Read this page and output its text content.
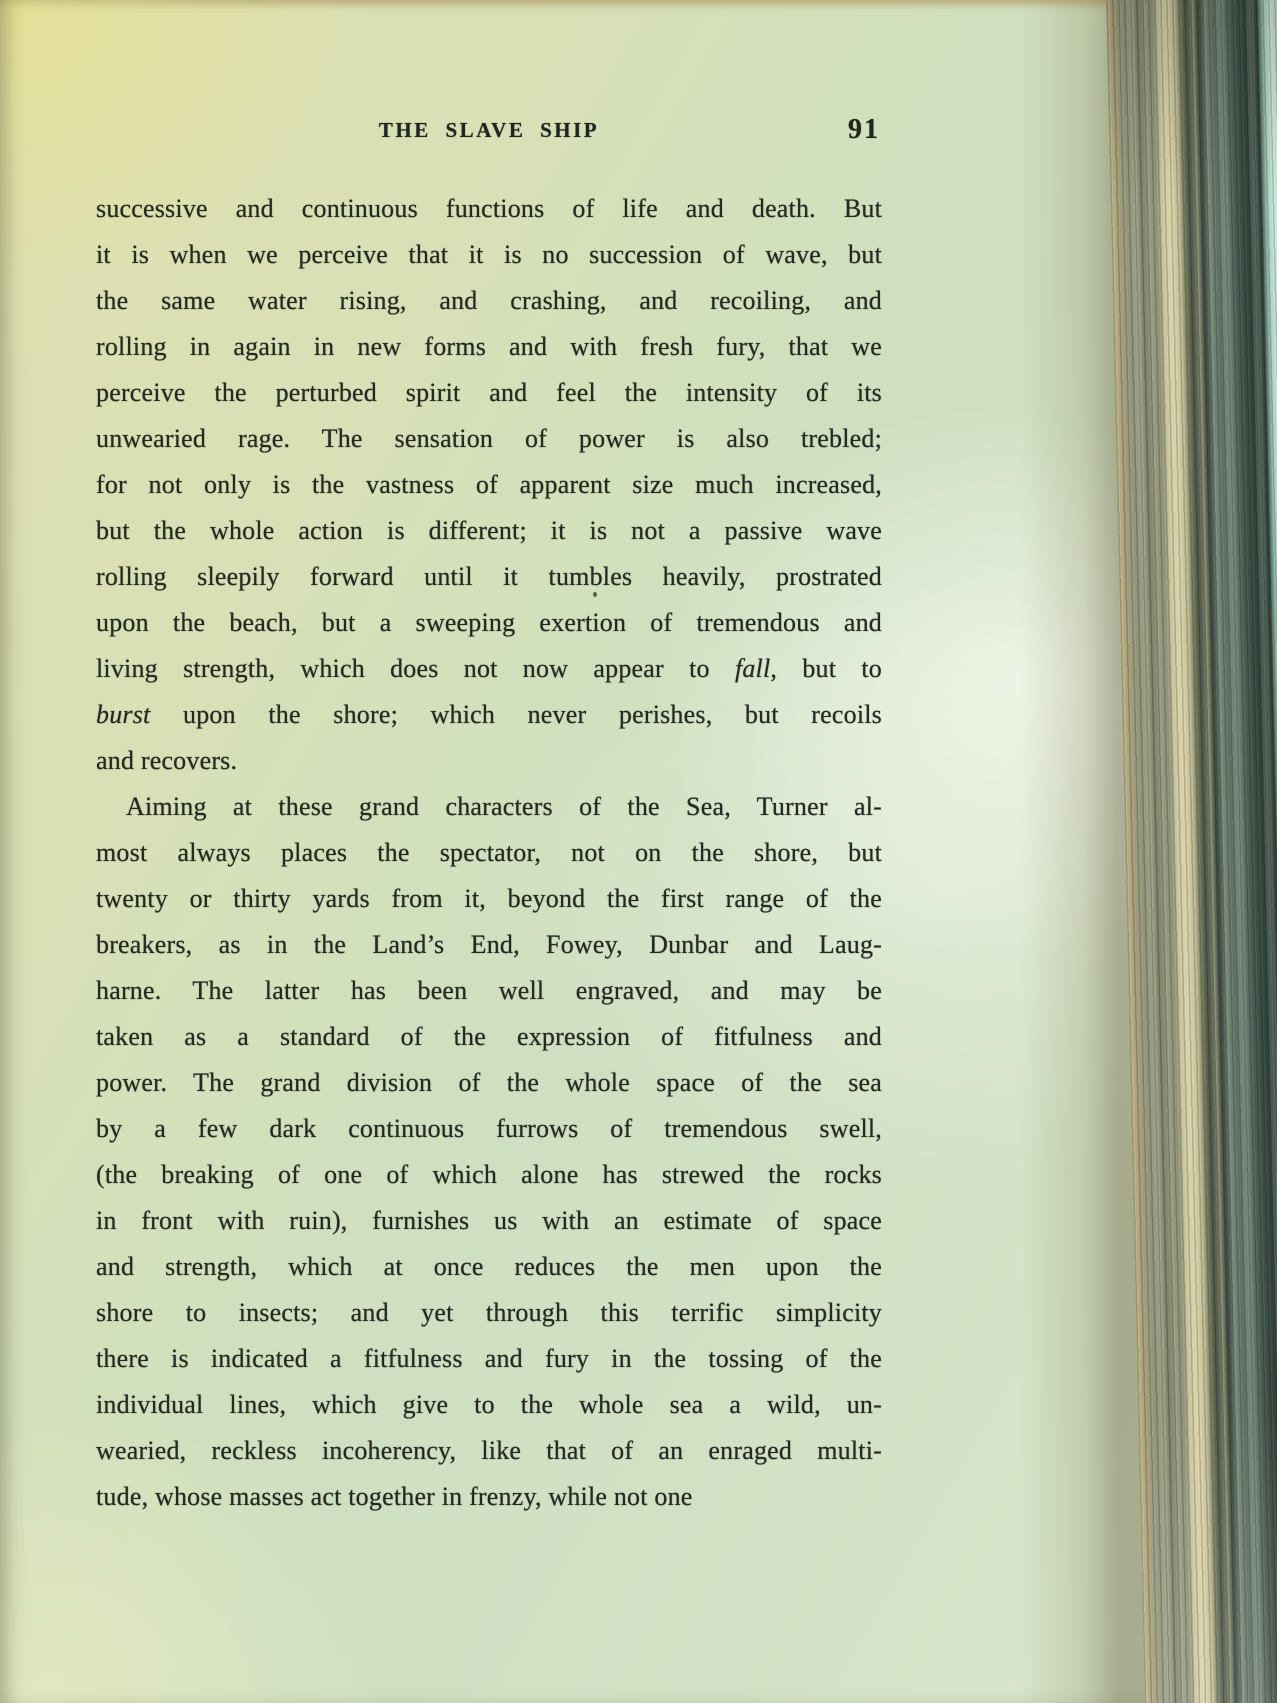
THE SLAVE SHIP	91
successive and continuous functions of life and death. But
it is when we perceive that it is no succession of wave, but
the same water rising, and crashing, and recoiling, and
rolling in again in new forms and with fresh fury, that we
perceive the perturbed spirit and feel the intensity of its
unwearied rage. The sensation of power is also trebled;
for not only is the vastness of apparent size much increased,
but the whole action is different; it is not a passive wave
rolling sleepily forward until it tumbles heavily, prostrated
upon the beach, but a sweeping exertion of tremendous and
living strength, which does not now appear to fall, but to
burst upon the shore; which never perishes, but recoils
and recovers.
Aiming at these grand characters of the Sea, Turner al-
most always places the spectator, not on the shore, but
twenty or thirty yards from it, beyond the first range of the
breakers, as in the Land’s End, Fowey, Dunbar and Laug-
harne. The latter has been well engraved, and may be
taken as a standard of the expression of fitfulness and
power. The grand division of the whole space of the sea
by a few dark continuous furrows of tremendous swell,
(the breaking of one of which alone has strewed the rocks
in front with ruin), furnishes us with an estimate of space
and strength, which at once reduces the men upon the
shore to insects; and yet through this terrific simplicity
there is indicated a fitfulness and fury in the tossing of the
individual lines, which give to the whole sea a wild, un-
wearied, reckless incoherency, like that of an enraged multi-
tude, whose masses act together in frenzy, while not one
